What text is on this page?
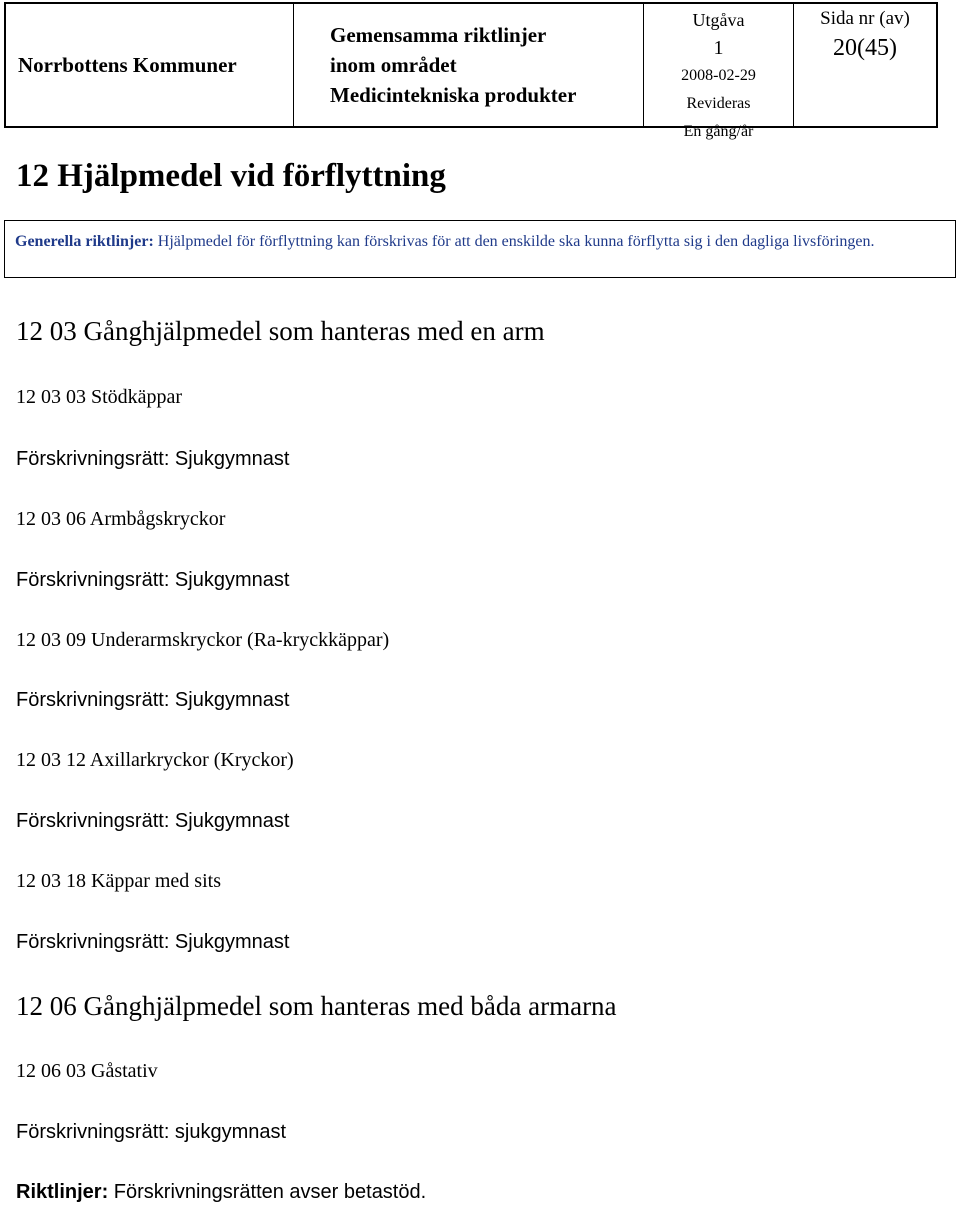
Norrbottens Kommuner
Gemensamma riktlinjer
inom området
Medicintekniska produkter
Utgåva
1
2008-02-29
Revideras
En gång/år
Sida nr (av)
20(45)
12 Hjälpmedel vid förflyttning
Generella riktlinjer: Hjälpmedel för förflyttning kan förskrivas för att den enskilde ska kunna förflytta sig i den dagliga livsföringen.
12 03 Gånghjälpmedel som hanteras med en arm
12 03 03 Stödkäppar
Förskrivningsrätt: Sjukgymnast
12 03 06 Armbågskryckor
Förskrivningsrätt: Sjukgymnast
12 03 09 Underarmskryckor (Ra-kryckkäppar)
Förskrivningsrätt: Sjukgymnast
12 03 12 Axillarkryckor (Kryckor)
Förskrivningsrätt: Sjukgymnast
12 03 18 Käppar med sits
Förskrivningsrätt: Sjukgymnast
12 06 Gånghjälpmedel som hanteras med båda armarna
12 06 03 Gåstativ
Förskrivningsrätt: sjukgymnast
Riktlinjer: Förskrivningsrätten avser betastöd.
